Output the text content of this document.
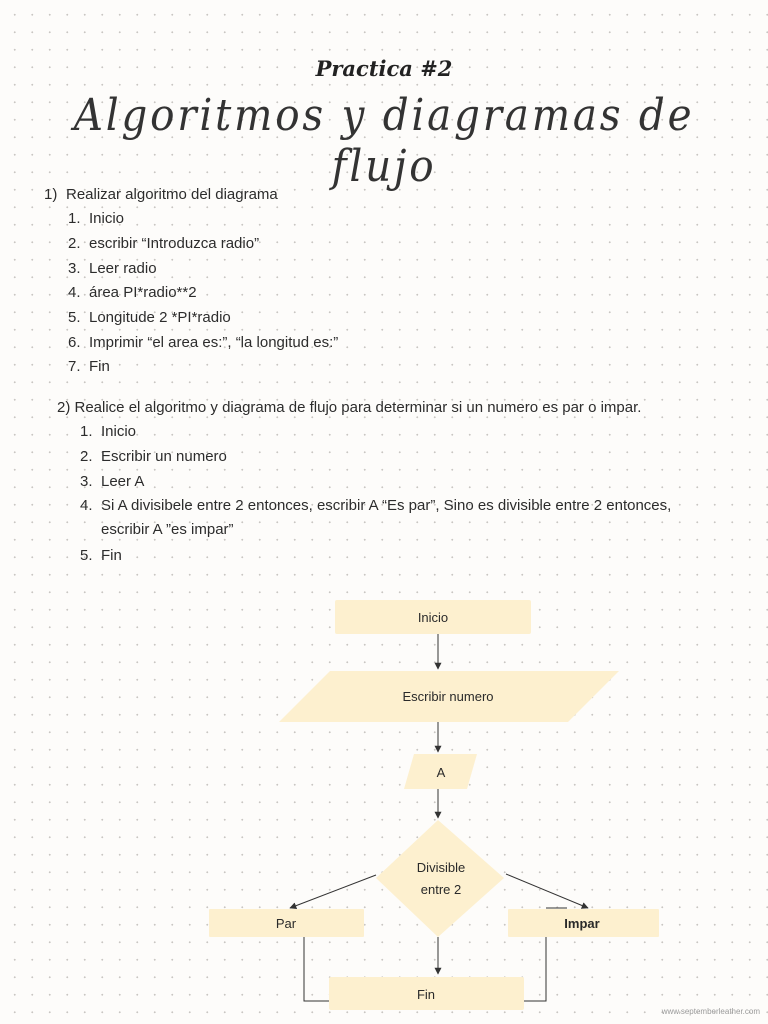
Practica #2
Algoritmos y diagramas de flujo
1) Realizar algoritmo del diagrama
1. Inicio
2. escribir “Introduzca radio”
3. Leer radio
4. área PI*radio**2
5. Longitude 2 *PI*radio
6. Imprimir “el area es:”, “la longitud es:”
7. Fin
2) Realice el algoritmo y diagrama de flujo para determinar si un numero es par o impar.
1. Inicio
2. Escribir un numero
3. Leer A
4. Si A divisibele entre 2 entonces, escribir A “Es par”, Sino es divisible entre 2 entonces, escribir A ”es impar”
5. Fin
Inicio
Escribir numero
A
Divisible
entre 2
Par	Impar
Fin
www.septemberleather.com
